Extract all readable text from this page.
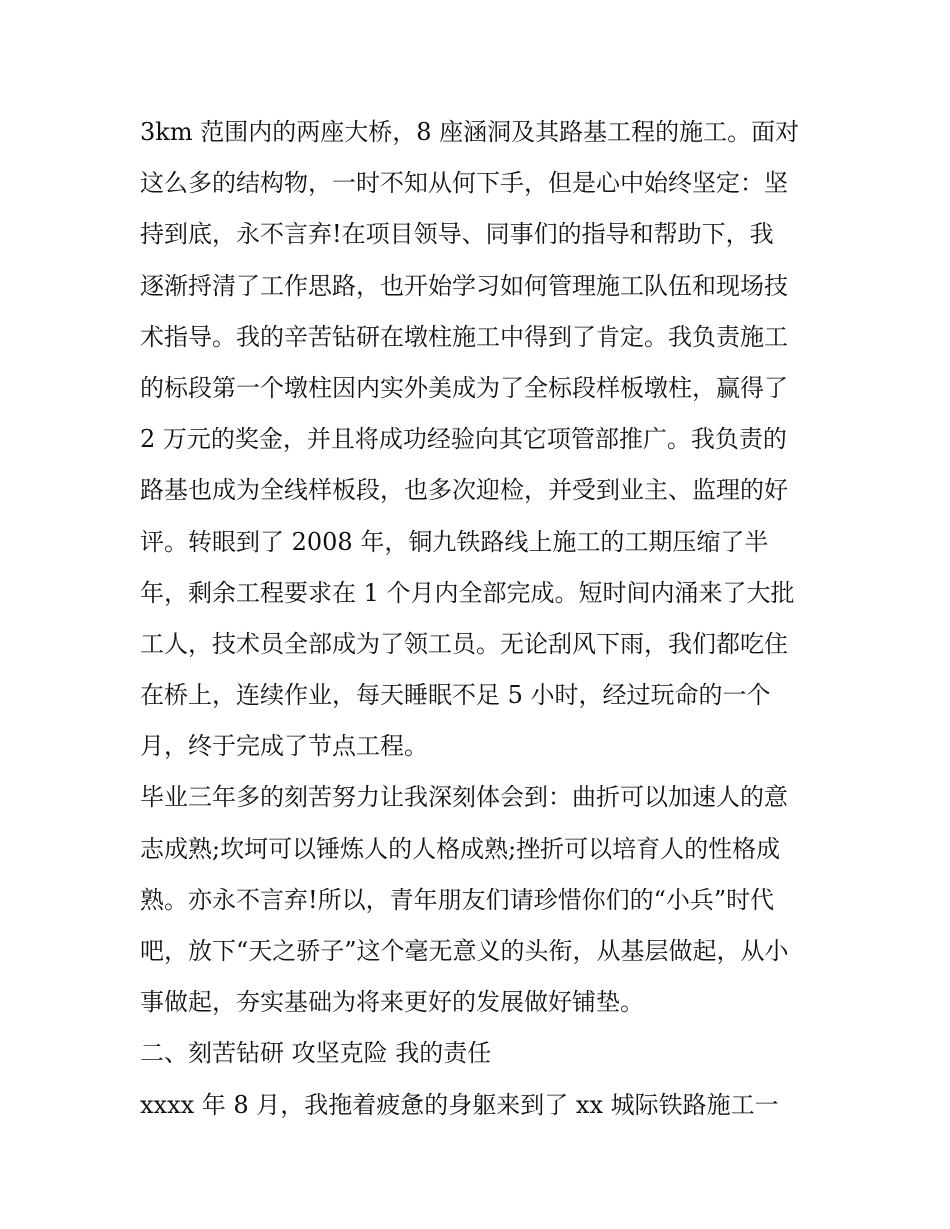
3km 范围内的两座大桥，8 座涵洞及其路基工程的施工。面对
这么多的结构物，一时不知从何下手，但是心中始终坚定：坚
持到底，永不言弃!在项目领导、同事们的指导和帮助下，我
逐渐捋清了工作思路，也开始学习如何管理施工队伍和现场技
术指导。我的辛苦钻研在墩柱施工中得到了肯定。我负责施工
的标段第一个墩柱因内实外美成为了全标段样板墩柱，赢得了
2 万元的奖金，并且将成功经验向其它项管部推广。我负责的
路基也成为全线样板段，也多次迎检，并受到业主、监理的好
评。转眼到了 2008 年，铜九铁路线上施工的工期压缩了半
年，剩余工程要求在 1 个月内全部完成。短时间内涌来了大批
工人，技术员全部成为了领工员。无论刮风下雨，我们都吃住
在桥上，连续作业，每天睡眠不足 5 小时，经过玩命的一个
月，终于完成了节点工程。
毕业三年多的刻苦努力让我深刻体会到：曲折可以加速人的意
志成熟;坎坷可以锤炼人的人格成熟;挫折可以培育人的性格成
熟。亦永不言弃!所以，青年朋友们请珍惜你们的“小兵”时代
吧，放下“天之骄子”这个毫无意义的头衔，从基层做起，从小
事做起，夯实基础为将来更好的发展做好铺垫。
二、刻苦钻研 攻坚克险 我的责任
xxxx 年 8 月，我拖着疲惫的身躯来到了 xx 城际铁路施工一
